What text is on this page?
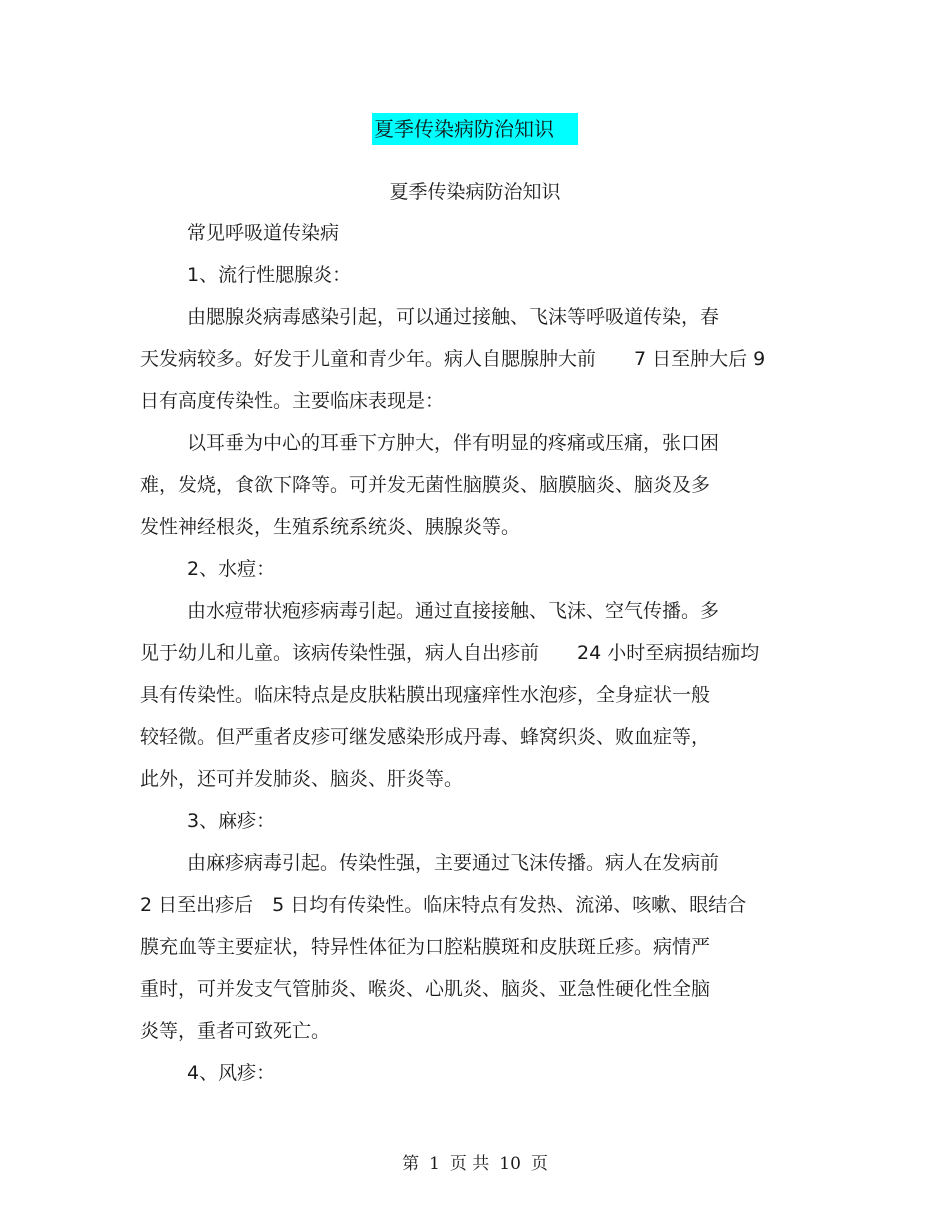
夏季传染病防治知识
夏季传染病防治知识
常见呼吸道传染病
1、流行性腮腺炎：
由腮腺炎病毒感染引起，可以通过接触、飞沫等呼吸道传染，春
天发病较多。好发于儿童和青少年。病人自腮腺肿大前　　7 日至肿大后 9
日有高度传染性。主要临床表现是：
以耳垂为中心的耳垂下方肿大，伴有明显的疼痛或压痛，张口困
难，发烧，食欲下降等。可并发无菌性脑膜炎、脑膜脑炎、脑炎及多
发性神经根炎，生殖系统系统炎、胰腺炎等。
2、水痘：
由水痘带状疱疹病毒引起。通过直接接触、飞沫、空气传播。多
见于幼儿和儿童。该病传染性强，病人自出疹前　　24 小时至病损结痂均
具有传染性。临床特点是皮肤粘膜出现瘙痒性水泡疹，全身症状一般
较轻微。但严重者皮疹可继发感染形成丹毒、蜂窝织炎、败血症等，
此外，还可并发肺炎、脑炎、肝炎等。
3、麻疹：
由麻疹病毒引起。传染性强，主要通过飞沫传播。病人在发病前
2 日至出疹后　5 日均有传染性。临床特点有发热、流涕、咳嗽、眼结合
膜充血等主要症状，特异性体征为口腔粘膜斑和皮肤斑丘疹。病情严
重时，可并发支气管肺炎、喉炎、心肌炎、脑炎、亚急性硬化性全脑
炎等，重者可致死亡。
4、风疹：
第 1 页 共 10 页
